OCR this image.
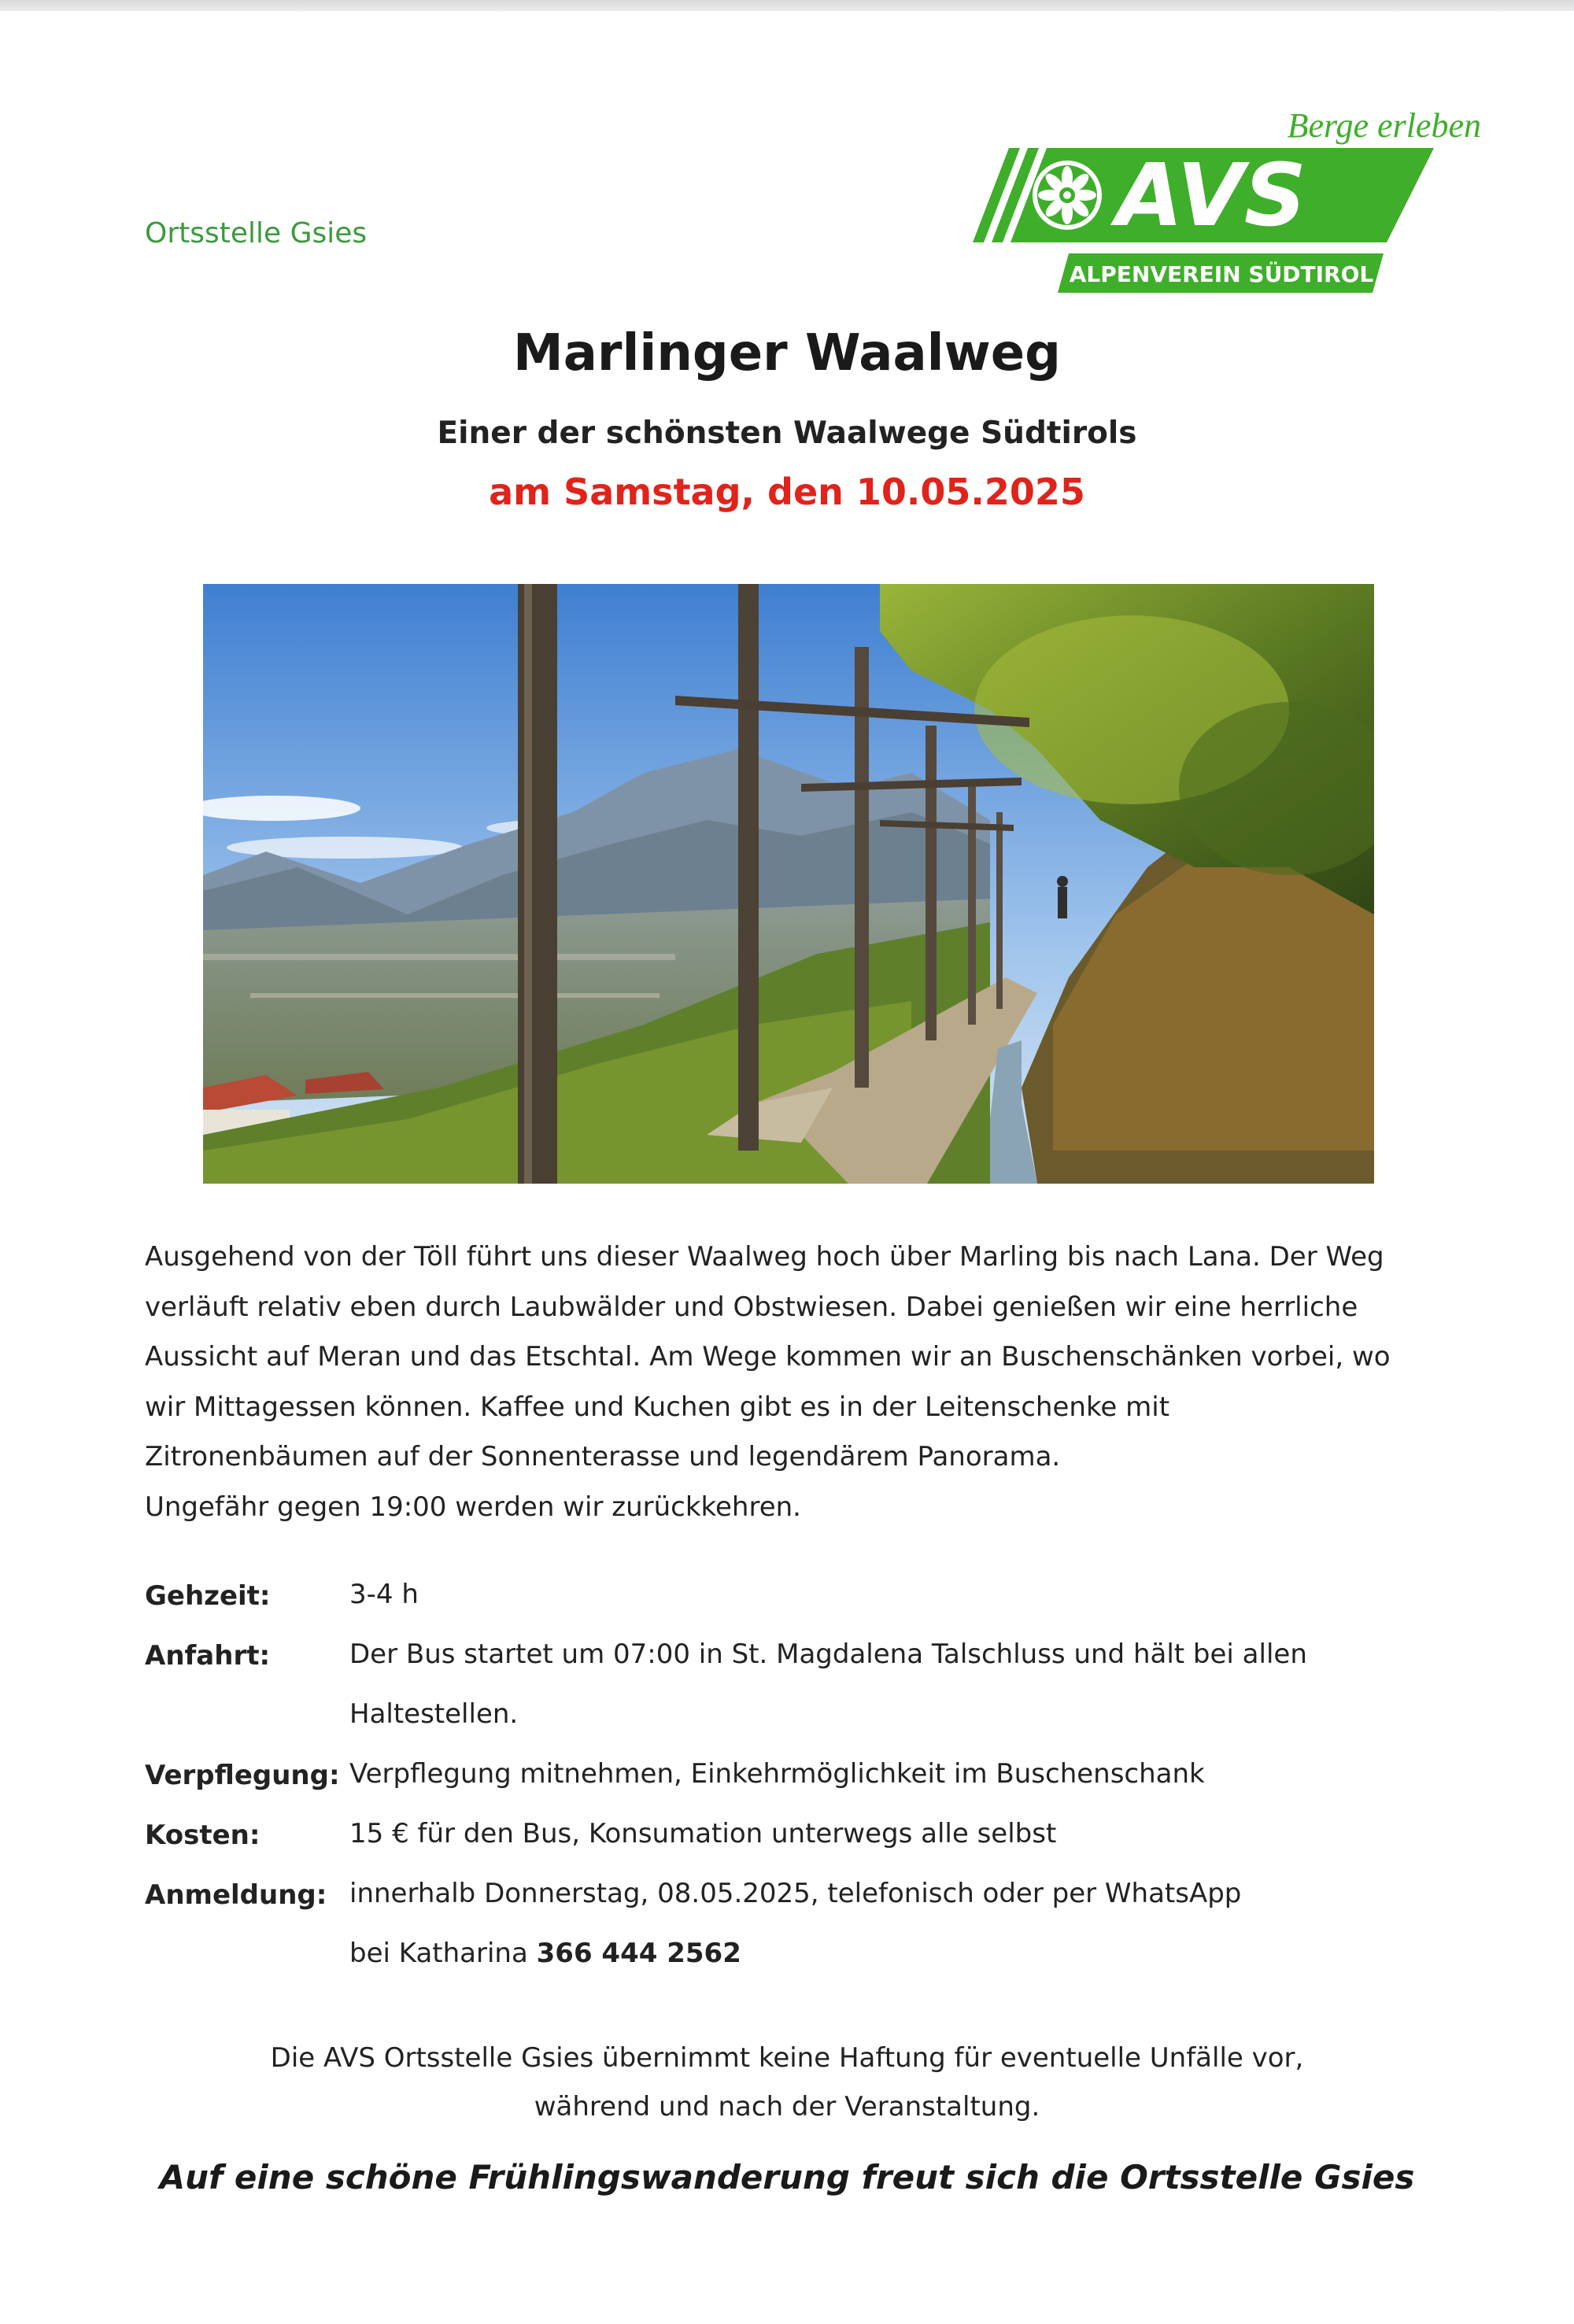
Ortsstelle Gsies
Berge erleben
AVS
ALPENVEREIN SÜDTIROL
Marlinger Waalweg
Einer der schönsten Waalwege Südtirols
am Samstag, den 10.05.2025
Ausgehend von der Töll führt uns dieser Waalweg hoch über Marling bis nach Lana. Der Weg
verläuft relativ eben durch Laubwälder und Obstwiesen. Dabei genießen wir eine herrliche
Aussicht auf Meran und das Etschtal. Am Wege kommen wir an Buschenschänken vorbei, wo
wir Mittagessen können. Kaffee und Kuchen gibt es in der Leitenschenke mit
Zitronenbäumen auf der Sonnenterasse und legendärem Panorama.
Ungefähr gegen 19:00 werden wir zurückkehren.
Gehzeit:	3-4 h
Anfahrt:	Der Bus startet um 07:00 in St. Magdalena Talschluss und hält bei allen
Haltestellen.
Verpflegung: Verpflegung mitnehmen, Einkehrmöglichkeit im Buschenschank
Kosten:	15 € für den Bus, Konsumation unterwegs alle selbst
Anmeldung: innerhalb Donnerstag, 08.05.2025, telefonisch oder per WhatsApp
bei Katharina 366 444 2562
Die AVS Ortsstelle Gsies übernimmt keine Haftung für eventuelle Unfälle vor,
während und nach der Veranstaltung.
Auf eine schöne Frühlingswanderung freut sich die Ortsstelle Gsies
